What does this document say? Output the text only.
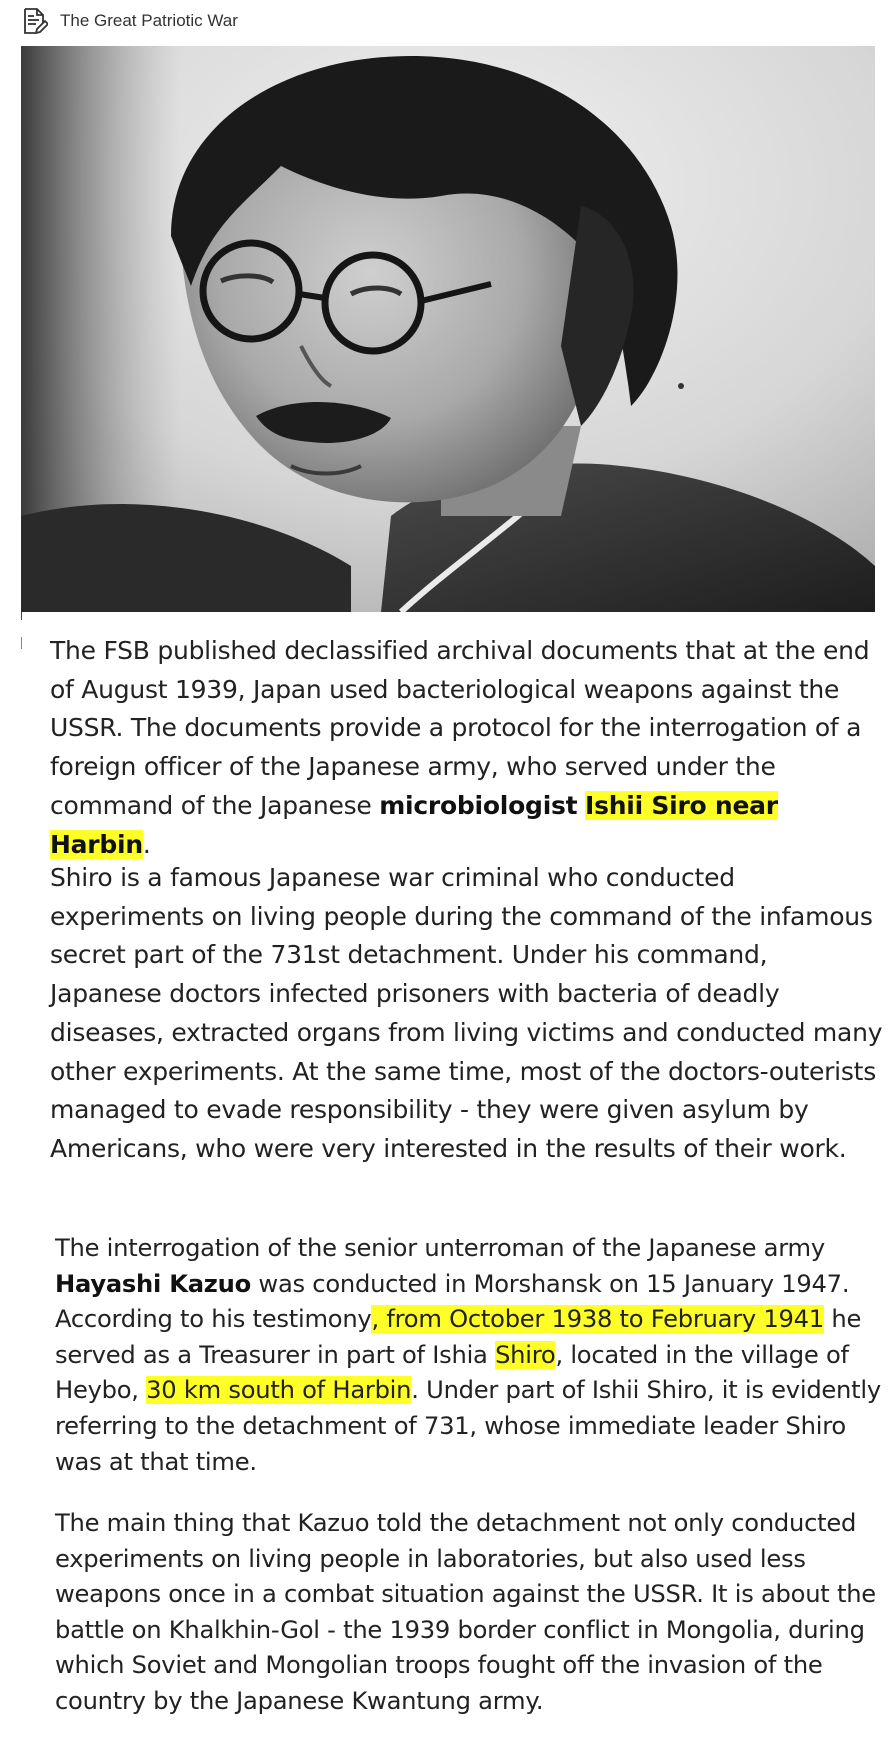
The Great Patriotic War

The FSB published declassified archival documents that at the end of August 1939, Japan used bacteriological weapons against the USSR. The documents provide a protocol for the interrogation of a foreign officer of the Japanese army, who served under the command of the Japanese microbiologist Ishii Siro near Harbin.

Shiro is a famous Japanese war criminal who conducted experiments on living people during the command of the infamous secret part of the 731st detachment. Under his command, Japanese doctors infected prisoners with bacteria of deadly diseases, extracted organs from living victims and conducted many other experiments. At the same time, most of the doctors-outerists managed to evade responsibility - they were given asylum by Americans, who were very interested in the results of their work.

The interrogation of the senior unterroman of the Japanese army Hayashi Kazuo was conducted in Morshansk on 15 January 1947. According to his testimony, from October 1938 to February 1941 he served as a Treasurer in part of Ishia Shiro, located in the village of Heybo, 30 km south of Harbin. Under part of Ishii Shiro, it is evidently referring to the detachment of 731, whose immediate leader Shiro was at that time.

The main thing that Kazuo told the detachment not only conducted experiments on living people in laboratories, but also used less weapons once in a combat situation against the USSR. It is about the battle on Khalkhin-Gol - the 1939 border conflict in Mongolia, during which Soviet and Mongolian troops fought off the invasion of the country by the Japanese Kwantung army.
